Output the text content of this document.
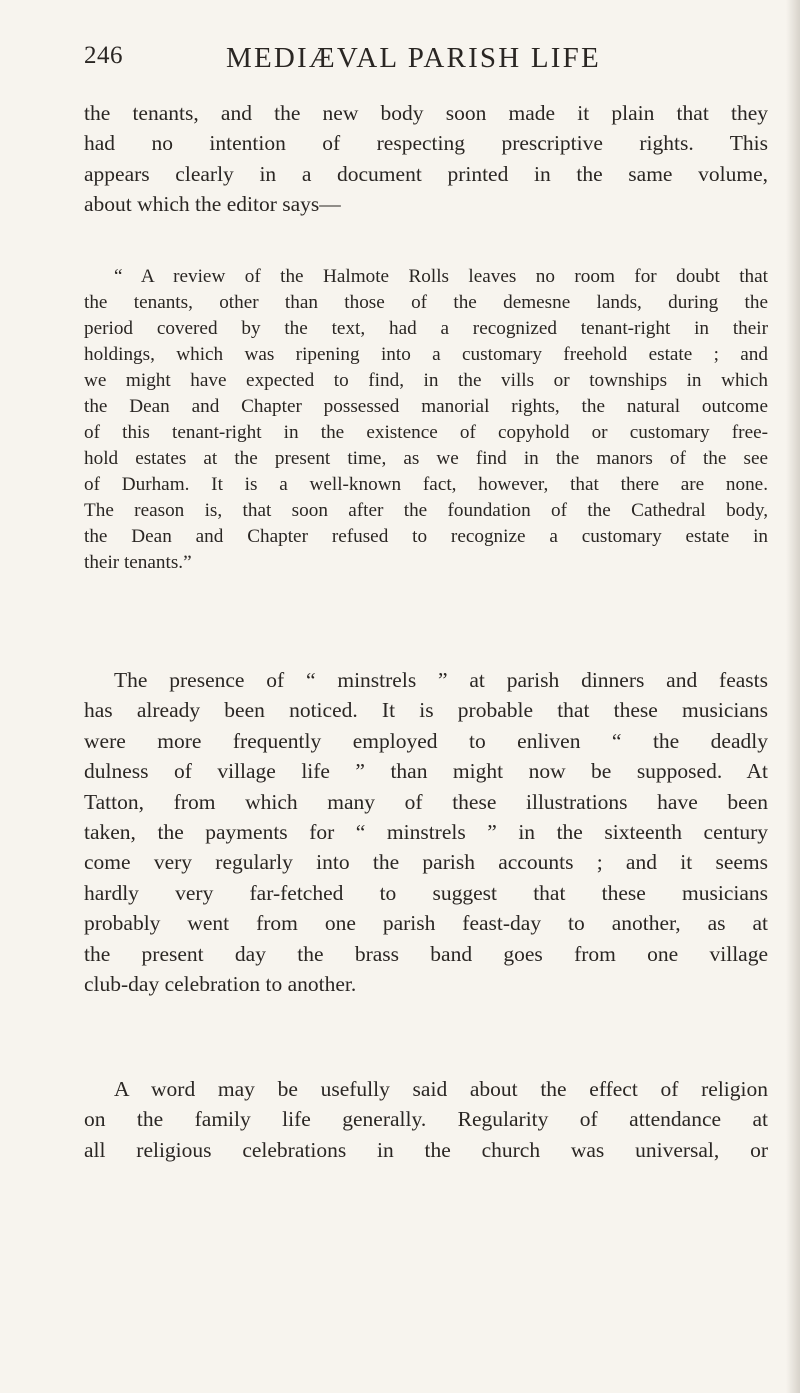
246	MEDIÆVAL PARISH LIFE
the tenants, and the new body soon made it plain that they
had no intention of respecting prescriptive rights. This
appears clearly in a document printed in the same volume,
about which the editor says—
“ A review of the Halmote Rolls leaves no room for doubt that
the tenants, other than those of the demesne lands, during the
period covered by the text, had a recognized tenant-right in their
holdings, which was ripening into a customary freehold estate ; and
we might have expected to find, in the vills or townships in which
the Dean and Chapter possessed manorial rights, the natural outcome
of this tenant-right in the existence of copyhold or customary free-
hold estates at the present time, as we find in the manors of the see
of Durham. It is a well-known fact, however, that there are none.
The reason is, that soon after the foundation of the Cathedral body,
the Dean and Chapter refused to recognize a customary estate in
their tenants.”
The presence of “ minstrels ” at parish dinners and feasts
has already been noticed. It is probable that these musicians
were more frequently employed to enliven “ the deadly
dulness of village life ” than might now be supposed. At
Tatton, from which many of these illustrations have been
taken, the payments for “ minstrels ” in the sixteenth century
come very regularly into the parish accounts ; and it seems
hardly very far-fetched to suggest that these musicians
probably went from one parish feast-day to another, as at
the present day the brass band goes from one village
club-day celebration to another.
A word may be usefully said about the effect of religion
on the family life generally. Regularity of attendance at
all religious celebrations in the church was universal, or
